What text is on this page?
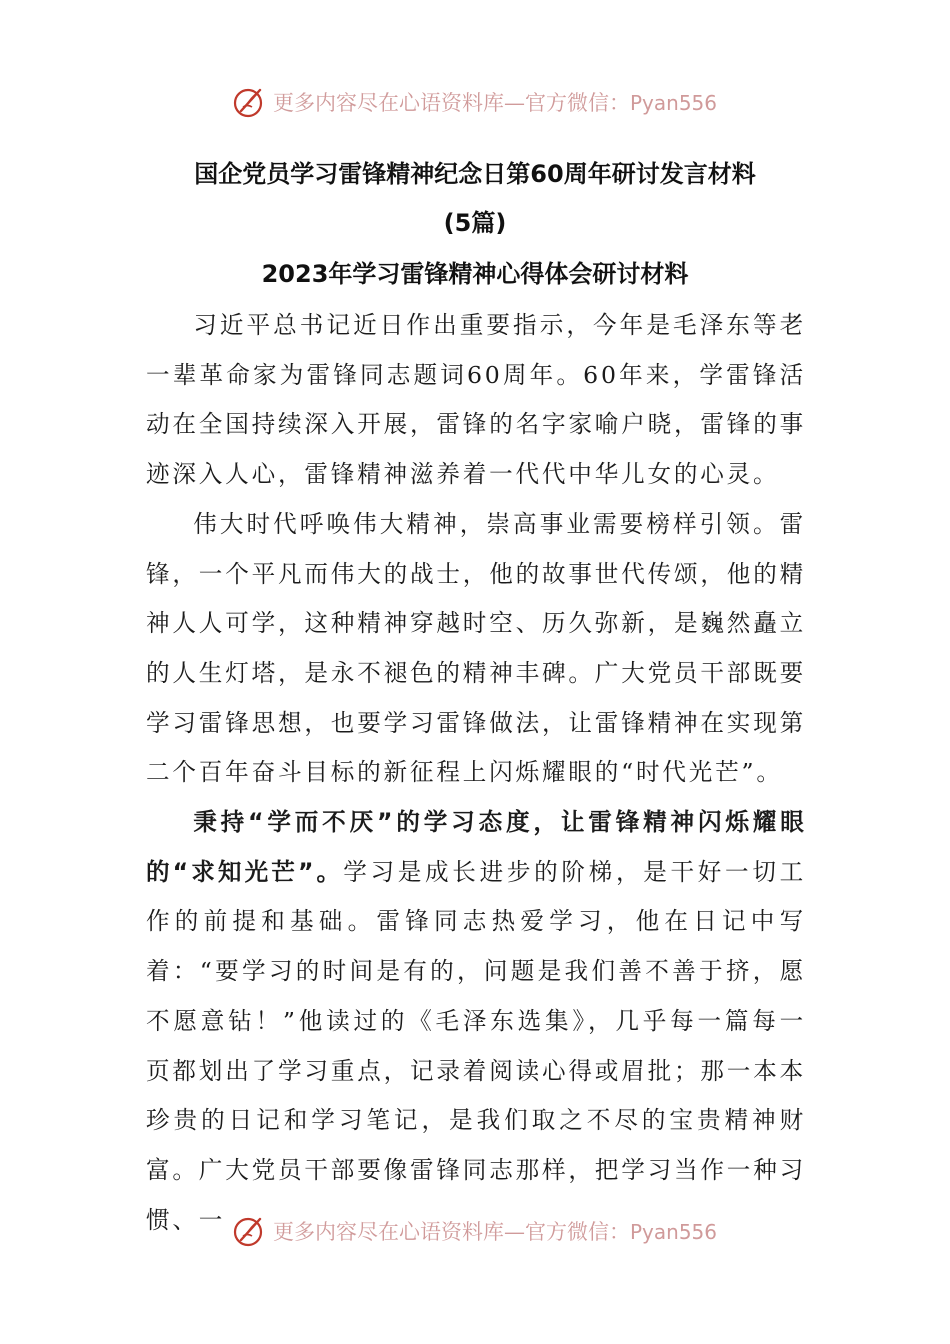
更多内容尽在心语资料库—官方微信：Pyan556
国企党员学习雷锋精神纪念日第60周年研讨发言材料
(5篇)
2023年学习雷锋精神心得体会研讨材料

习近平总书记近日作出重要指示，今年是毛泽东等老一辈革命家为雷锋同志题词60周年。60年来，学雷锋活动在全国持续深入开展，雷锋的名字家喻户晓，雷锋的事迹深入人心，雷锋精神滋养着一代代中华儿女的心灵。

伟大时代呼唤伟大精神，崇高事业需要榜样引领。雷锋，一个平凡而伟大的战士，他的故事世代传颂，他的精神人人可学，这种精神穿越时空、历久弥新，是巍然矗立的人生灯塔，是永不褪色的精神丰碑。广大党员干部既要学习雷锋思想，也要学习雷锋做法，让雷锋精神在实现第二个百年奋斗目标的新征程上闪烁耀眼的“时代光芒”。

秉持“学而不厌”的学习态度，让雷锋精神闪烁耀眼的“求知光芒”。学习是成长进步的阶梯，是干好一切工作的前提和基础。雷锋同志热爱学习，他在日记中写着：“要学习的时间是有的，问题是我们善不善于挤，愿不愿意钻！”他读过的《毛泽东选集》，几乎每一篇每一页都划出了学习重点，记录着阅读心得或眉批；那一本本珍贵的日记和学习笔记，是我们取之不尽的宝贵精神财富。广大党员干部要像雷锋同志那样，把学习当作一种习惯、一	更多内容尽在心语资料库—官方微信：Pyan556
